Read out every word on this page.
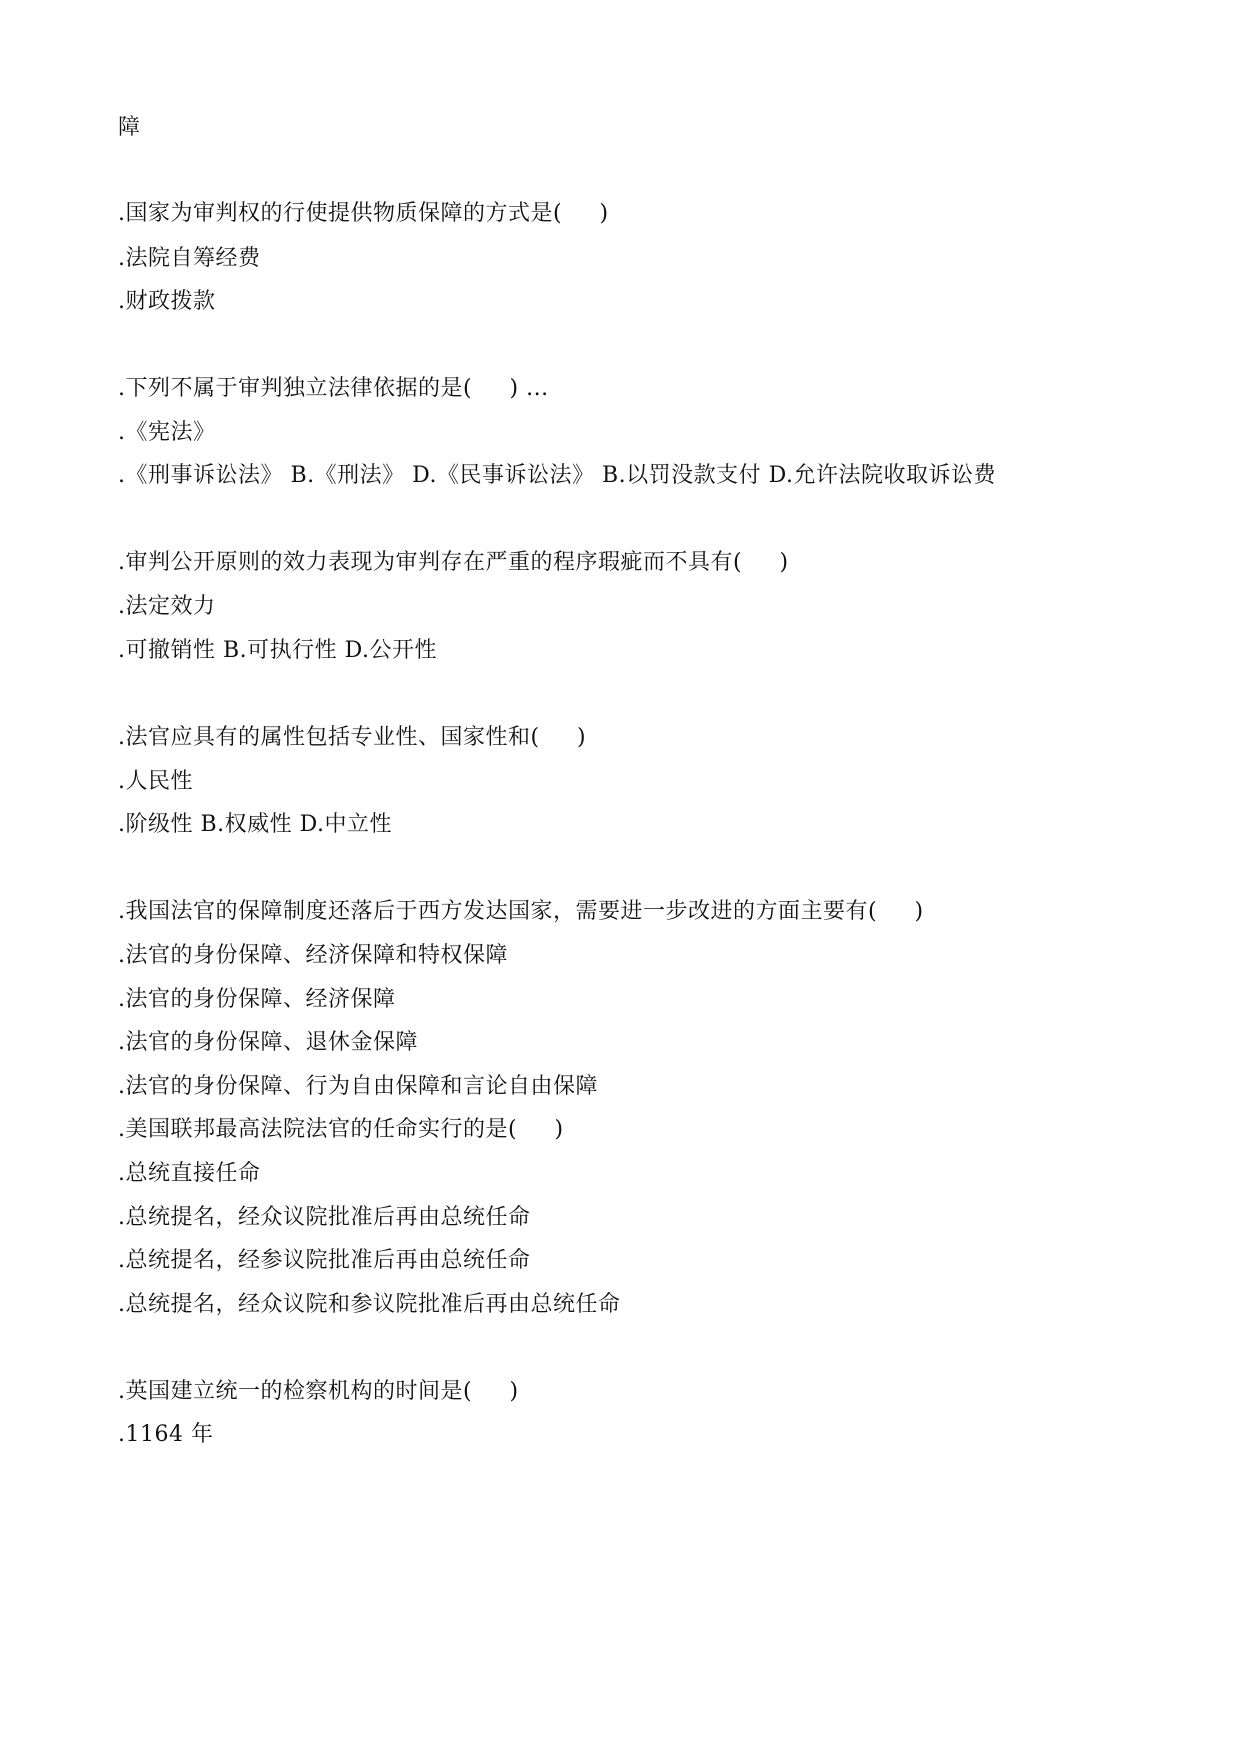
障
.国家为审判权的行使提供物质保障的方式是(     )
.法院自筹经费
.财政拨款
.下列不属于审判独立法律依据的是(     ) ...
.《宪法》
.《刑事诉讼法》 B.《刑法》 D.《民事诉讼法》 B.以罚没款支付 D.允许法院收取诉讼费
.审判公开原则的效力表现为审判存在严重的程序瑕疵而不具有(     )
.法定效力
.可撤销性 B.可执行性 D.公开性
.法官应具有的属性包括专业性、国家性和(     )
.人民性
.阶级性 B.权威性 D.中立性
.我国法官的保障制度还落后于西方发达国家，需要进一步改进的方面主要有(     )
.法官的身份保障、经济保障和特权保障
.法官的身份保障、经济保障
.法官的身份保障、退休金保障
.法官的身份保障、行为自由保障和言论自由保障
.美国联邦最高法院法官的任命实行的是(     )
.总统直接任命
.总统提名，经众议院批准后再由总统任命
.总统提名，经参议院批准后再由总统任命
.总统提名，经众议院和参议院批准后再由总统任命
.英国建立统一的检察机构的时间是(     )
.1164 年
